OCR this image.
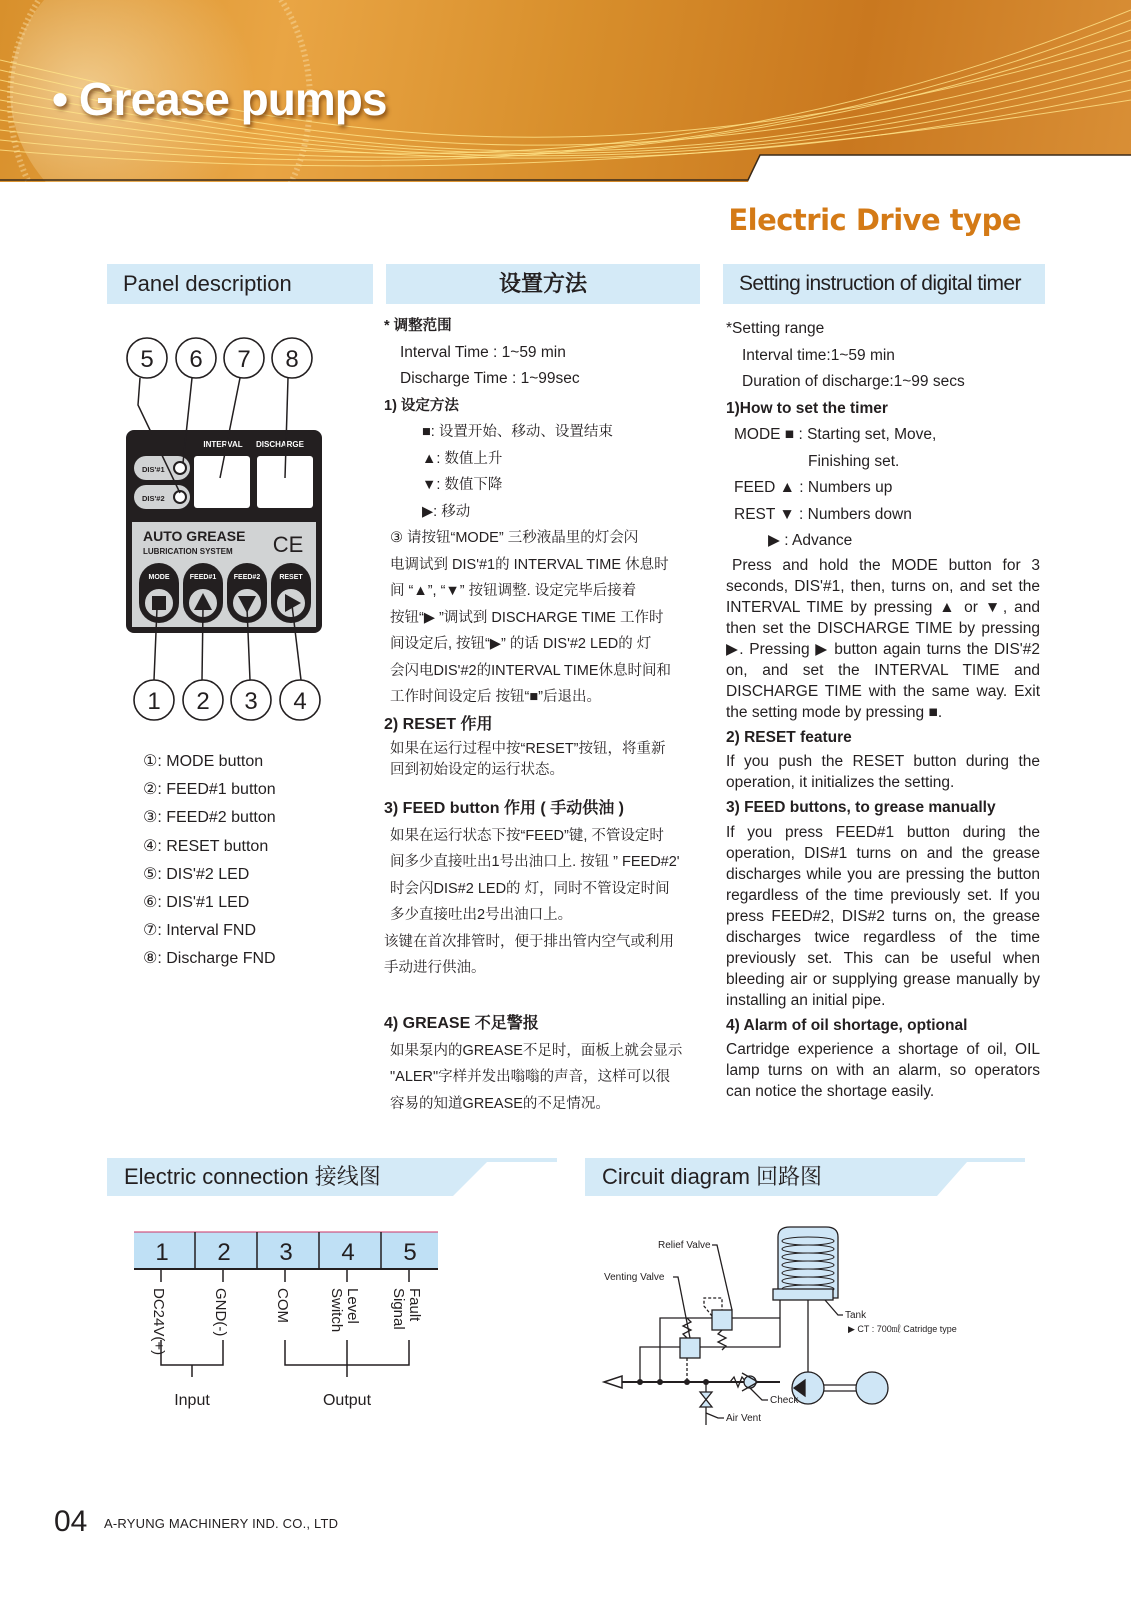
• Grease pumps
Electric Drive type
Panel description	设置方法	Setting instruction of digital timer
5 6 7 8
1 2 3 4
INTERVAL DISCHARGE
DIS'#1
DIS'#2
AUTO GREASE
LUBRICATION SYSTEM CE
MODE	FEED#1	FEED#2	RESET

①: MODE button

②: FEED#1 button

③: FEED#2 button

④: RESET button

⑤: DIS'#2 LED

⑥: DIS'#1 LED

⑦: Interval FND

⑧: Discharge FND

* 调整范围

Interval Time : 1~59 min

Discharge Time : 1~99sec

1) 设定方法

■: 设置开始、移动、设置结束

▲: 数值上升

▼: 数值下降

▶: 移动

③ 请按钮“MODE” 三秒液晶里的灯会闪

电调试到 DIS'#1的 INTERVAL TIME 休息时

间 “▲”, “▼” 按钮调整. 设定完毕后接着

按钮“▶ ”调试到 DISCHARGE TIME 工作时

间设定后, 按钮“▶” 的话 DIS'#2 LED的 灯

会闪电DIS'#2的INTERVAL TIME休息时间和

工作时间设定后 按钮“■”后退出。

2) RESET 作用

如果在运行过程中按“RESET”按钮，将重新

回到初始设定的运行状态。

3) FEED button 作用 ( 手动供油 )

如果在运行状态下按“FEED”键, 不管设定时

间多少直接吐出1号出油口上. 按钮 ” FEED#2'

时会闪DIS#2 LED的 灯，同时不管设定时间

多少直接吐出2号出油口上。

该键在首次排管时，便于排出管内空气或利用

手动进行供油。

4) GREASE 不足警报

如果泵内的GREASE不足时，面板上就会显示

"ALER"字样并发出嗡嗡的声音，这样可以很

容易的知道GREASE的不足情况。

*Setting range

Interval time:1~59 min

Duration of discharge:1~99 secs

1)How to set the timer

MODE ■ : Starting set, Move,

Finishing set.

FEED ▲ : Numbers up

REST ▼ : Numbers down

▶ : Advance

Press and hold the MODE button for 3 seconds, DIS'#1, then, turns on, and set the INTERVAL TIME by pressing ▲ or ▼, and then set the DISCHARGE TIME by pressing ▶. Pressing ▶ button again turns the DIS'#2 on, and set the INTERVAL TIME and DISCHARGE TIME with the same way. Exit the setting mode by pressing ■.

2) RESET feature

If you push the RESET button during the operation, it initializes the setting.

3) FEED buttons, to grease manually

If you press FEED#1 button during the operation, DIS#1 turns on and the grease discharges while you are pressing the button regardless of the time previously set. If you press FEED#2, DIS#2 turns on, the grease discharges twice regardless of the time previously set. This can be useful when bleeding air or supplying grease manually by installing an initial pipe.

4) Alarm of oil shortage, optional

Cartridge experience a shortage of oil, OIL lamp turns on with an alarm, so operators can notice the shortage easily.

Electric connection 接线图	Circuit diagram 回路图
1 2 3 4 5
DC24V(+)	GND(-)	COM	Level
Switch	Fault
Signal
Input	Output
Relief Valve
Venting Valve
Tank
▶ CT : 700㎖ Catridge type
Check
Air Vent
04 A-RYUNG MACHINERY IND. CO., LTD
